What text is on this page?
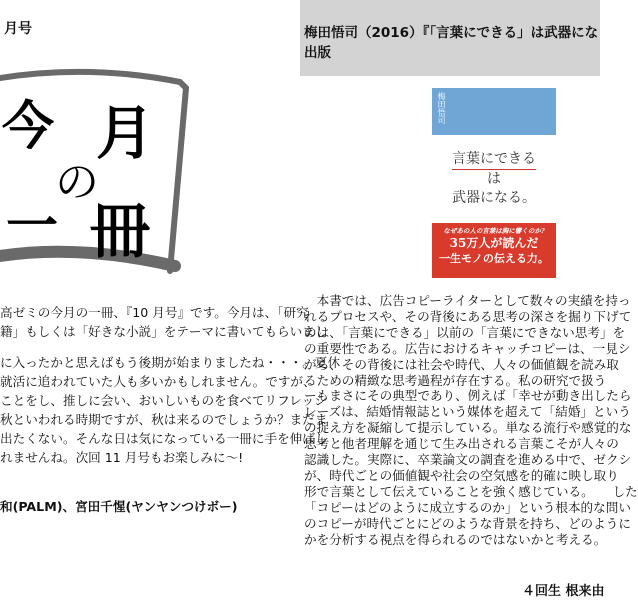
月号
今 月
の
一 冊
高ゼミの今月の一冊、『10 月号』です。今月は、「研究
籍」もしくは「好きな小説」をテーマに書いてもらいまし
に入ったかと思えばもう後期が始まりましたね・・・。夏休
就活に追われていた人も多いかもしれません。ですが、
ことをし、推しに会い、おいしいものを食べてリフレッシ
秋といわれる時期ですが、秋は来るのでしょうか？まだま
出たくない。そんな日は気になっている一冊に手を伸ばし
れませんね。次回 11 月号もお楽しみに～!
和(PALM)、宮田千惺(ヤンヤンつけボー)
梅田悟司（2016）『「言葉にできる」は武器にな
出版
梅田悟司
言葉にできる
は
武器になる。
なぜあの人の言葉は胸に響くのか?
35万人が読んだ
一生モノの伝える力。
　本書では、広告コピーライターとして数々の実績を持っ
れるプロセスや、その背後にある思考の深さを掘り下げて
のは、「言葉にできる」以前の「言葉にできない思考」を
の重要性である。広告におけるキャッチコピーは、一見シ
がら、その背後には社会や時代、人々の価値観を読み取
るための精緻な思考過程が存在する。私の研究で扱う
ーもまさにその典型であり、例えば「幸せが動き出したら
レーズは、結婚情報誌という媒体を超えて「結婚」という
の捉え方を凝縮して提示している。単なる流行や感覚的な
思考と他者理解を通じて生み出される言葉こそが人々の
認識した。実際に、卒業論文の調査を進める中で、ゼクシ
が、時代ごとの価値観や社会の空気感を的確に映し取り
形で言葉として伝えていることを強く感じている。　　した
「コピーはどのように成立するのか」という根本的な問い
のコピーが時代ごとにどのような背景を持ち、どのように
かを分析する視点を得られるのではないかと考える。
４回生 根来由
